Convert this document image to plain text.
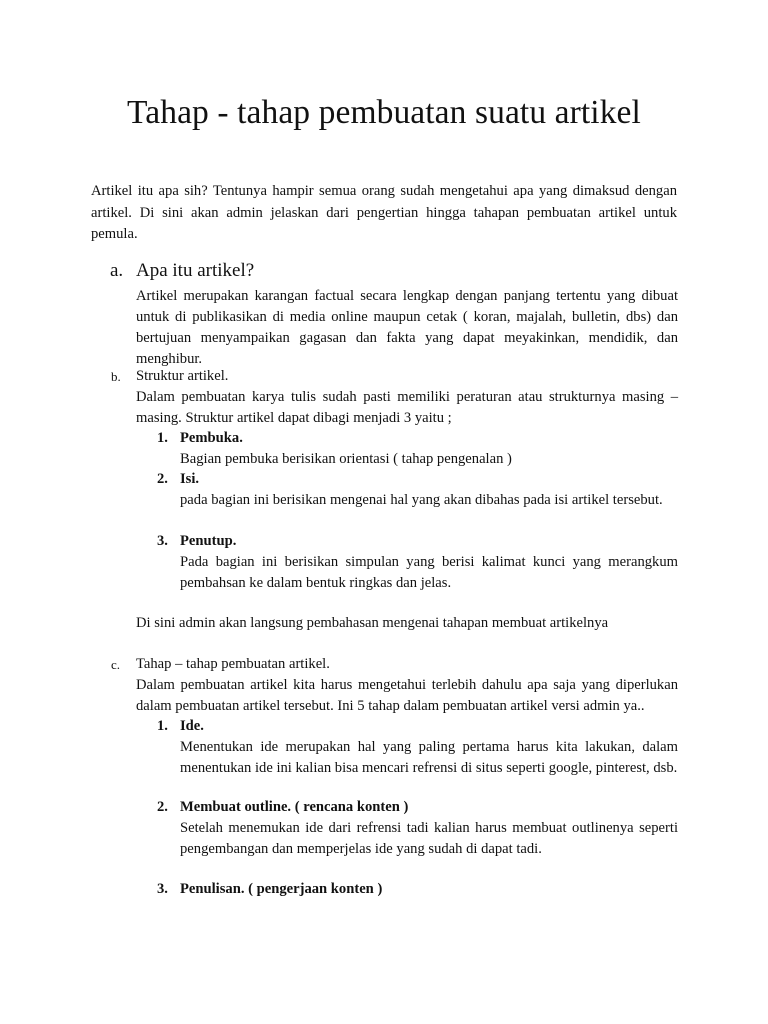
Tahap - tahap pembuatan suatu artikel

Artikel itu apa sih? Tentunya hampir semua orang sudah mengetahui apa yang dimaksud dengan artikel. Di sini akan admin jelaskan dari pengertian hingga tahapan pembuatan artikel untuk pemula.

a. Apa itu artikel?

Artikel merupakan karangan factual secara lengkap dengan panjang tertentu yang dibuat untuk di publikasikan di media online maupun cetak ( koran, majalah, bulletin, dbs) dan bertujuan menyampaikan gagasan dan fakta yang dapat meyakinkan, mendidik, dan menghibur.

b. Struktur artikel.

Dalam pembuatan karya tulis sudah pasti memiliki peraturan atau strukturnya masing – masing. Struktur artikel dapat dibagi menjadi 3 yaitu ;

1. Pembuka.

Bagian pembuka berisikan orientasi ( tahap pengenalan )

2. Isi.

pada bagian ini berisikan mengenai hal yang akan dibahas pada isi artikel tersebut.

3. Penutup.

Pada bagian ini berisikan simpulan yang berisi kalimat kunci yang merangkum pembahsan ke dalam bentuk ringkas dan jelas.

Di sini admin akan langsung pembahasan mengenai tahapan membuat artikelnya
c. Tahap – tahap pembuatan artikel.

Dalam pembuatan artikel kita harus mengetahui terlebih dahulu apa saja yang diperlukan dalam pembuatan artikel tersebut. Ini 5 tahap dalam pembuatan artikel versi admin ya..

1. Ide.

Menentukan ide merupakan hal yang paling pertama harus kita lakukan, dalam menentukan ide ini kalian bisa mencari refrensi di situs seperti google, pinterest, dsb.

2. Membuat outline. ( rencana konten )

Setelah menemukan ide dari refrensi tadi kalian harus membuat outlinenya seperti pengembangan dan memperjelas ide yang sudah di dapat tadi.

3. Penulisan. ( pengerjaan konten )
